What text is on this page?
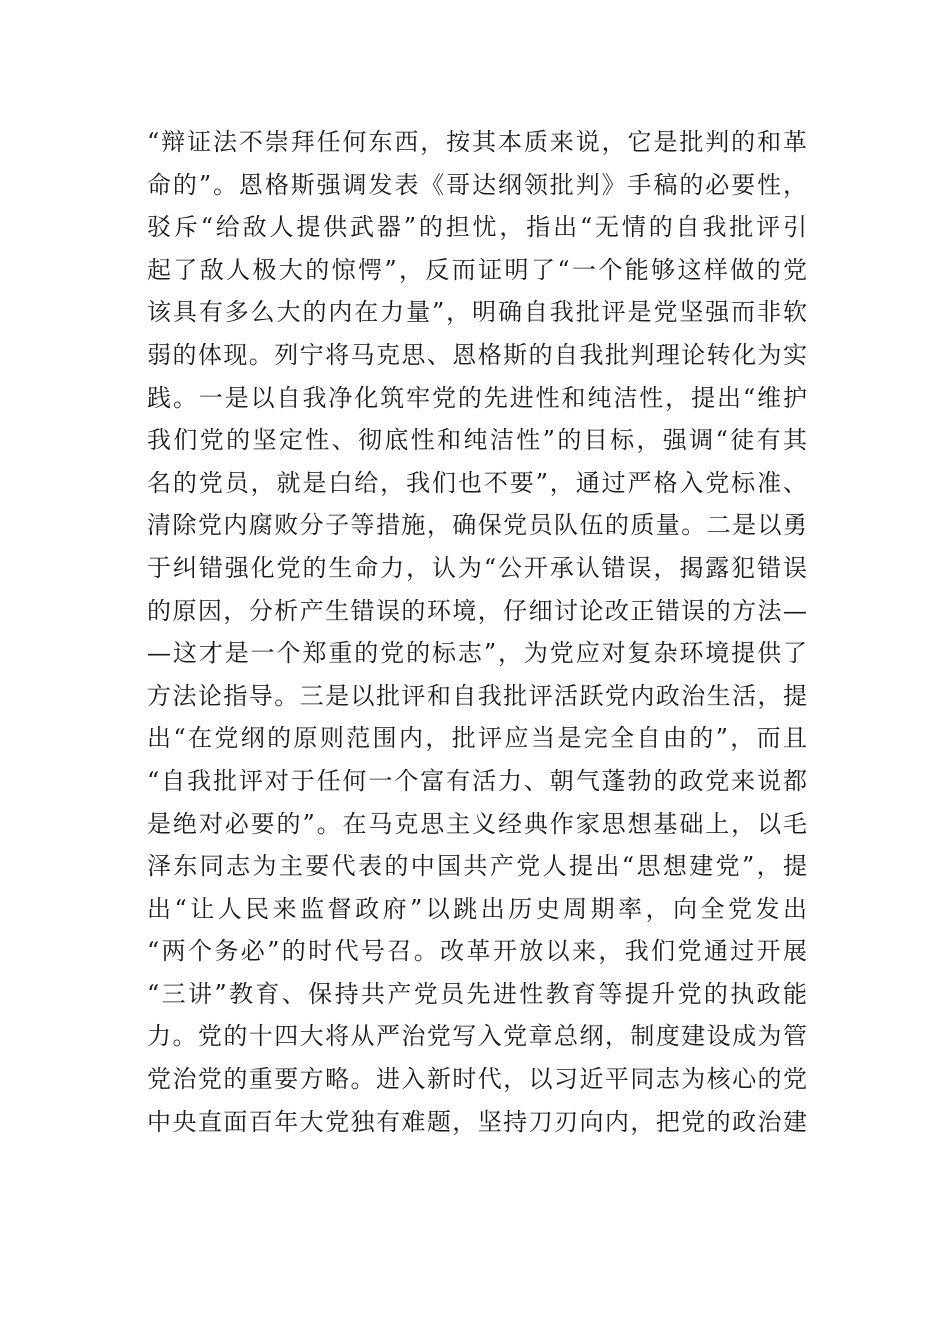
“辩证法不崇拜任何东西，按其本质来说，它是批判的和革
命的”。恩格斯强调发表《哥达纲领批判》手稿的必要性，
驳斥“给敌人提供武器”的担忧，指出“无情的自我批评引
起了敌人极大的惊愕”，反而证明了“一个能够这样做的党
该具有多么大的内在力量”，明确自我批评是党坚强而非软
弱的体现。列宁将马克思、恩格斯的自我批判理论转化为实
践。一是以自我净化筑牢党的先进性和纯洁性，提出“维护
我们党的坚定性、彻底性和纯洁性”的目标，强调“徒有其
名的党员，就是白给，我们也不要”，通过严格入党标准、
清除党内腐败分子等措施，确保党员队伍的质量。二是以勇
于纠错强化党的生命力，认为“公开承认错误，揭露犯错误
的原因，分析产生错误的环境，仔细讨论改正错误的方法—
—这才是一个郑重的党的标志”，为党应对复杂环境提供了
方法论指导。三是以批评和自我批评活跃党内政治生活，提
出“在党纲的原则范围内，批评应当是完全自由的”，而且
“自我批评对于任何一个富有活力、朝气蓬勃的政党来说都
是绝对必要的”。在马克思主义经典作家思想基础上，以毛
泽东同志为主要代表的中国共产党人提出“思想建党”，提
出“让人民来监督政府”以跳出历史周期率，向全党发出
“两个务必”的时代号召。改革开放以来，我们党通过开展
“三讲”教育、保持共产党员先进性教育等提升党的执政能
力。党的十四大将从严治党写入党章总纲，制度建设成为管
党治党的重要方略。进入新时代，以习近平同志为核心的党
中央直面百年大党独有难题，坚持刀刃向内，把党的政治建
